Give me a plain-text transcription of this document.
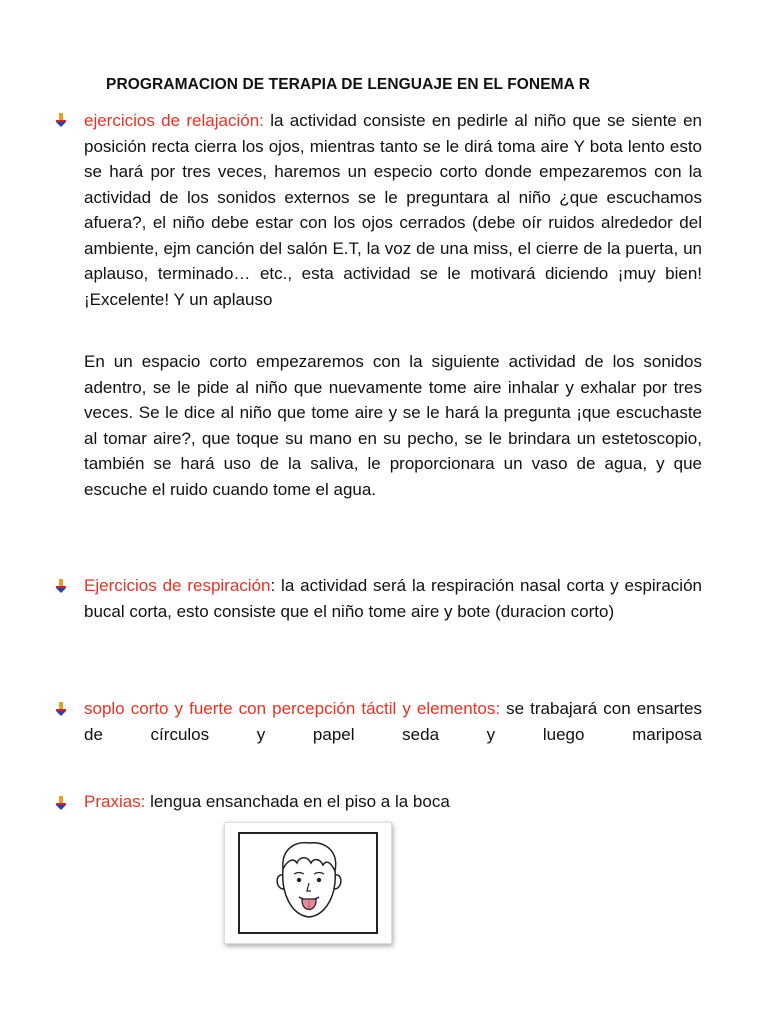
PROGRAMACION DE TERAPIA DE LENGUAJE EN EL FONEMA R
ejercicios de relajación: la actividad consiste en pedirle al niño que se siente en posición recta cierra los ojos, mientras tanto se le dirá toma aire Y bota lento esto se hará por tres veces, haremos un especio corto donde empezaremos con la actividad de los sonidos externos se le preguntara al niño ¿que escuchamos afuera?, el niño debe estar con los ojos cerrados (debe oír ruidos alrededor del ambiente, ejm canción del salón E.T, la voz de una miss, el cierre de la puerta, un aplauso, terminado… etc., esta actividad se le motivará diciendo ¡muy bien! ¡Excelente! Y un aplauso
En un espacio corto empezaremos con la siguiente actividad de los sonidos adentro, se le pide al niño que nuevamente tome aire inhalar y exhalar por tres veces. Se le dice al niño que tome aire y se le hará la pregunta ¡que escuchaste al tomar aire?, que toque su mano en su pecho, se le brindara un estetoscopio, también se hará uso de la saliva, le proporcionara un vaso de agua, y que escuche el ruido cuando tome el agua.
Ejercicios de respiración: la actividad será la respiración nasal corta y espiración bucal corta, esto consiste que el niño tome aire y bote (duracion corto)
soplo corto y fuerte con percepción táctil y elementos: se trabajará con ensartes de círculos y papel seda y luego mariposa
Praxias: lengua ensanchada en el piso a la boca
